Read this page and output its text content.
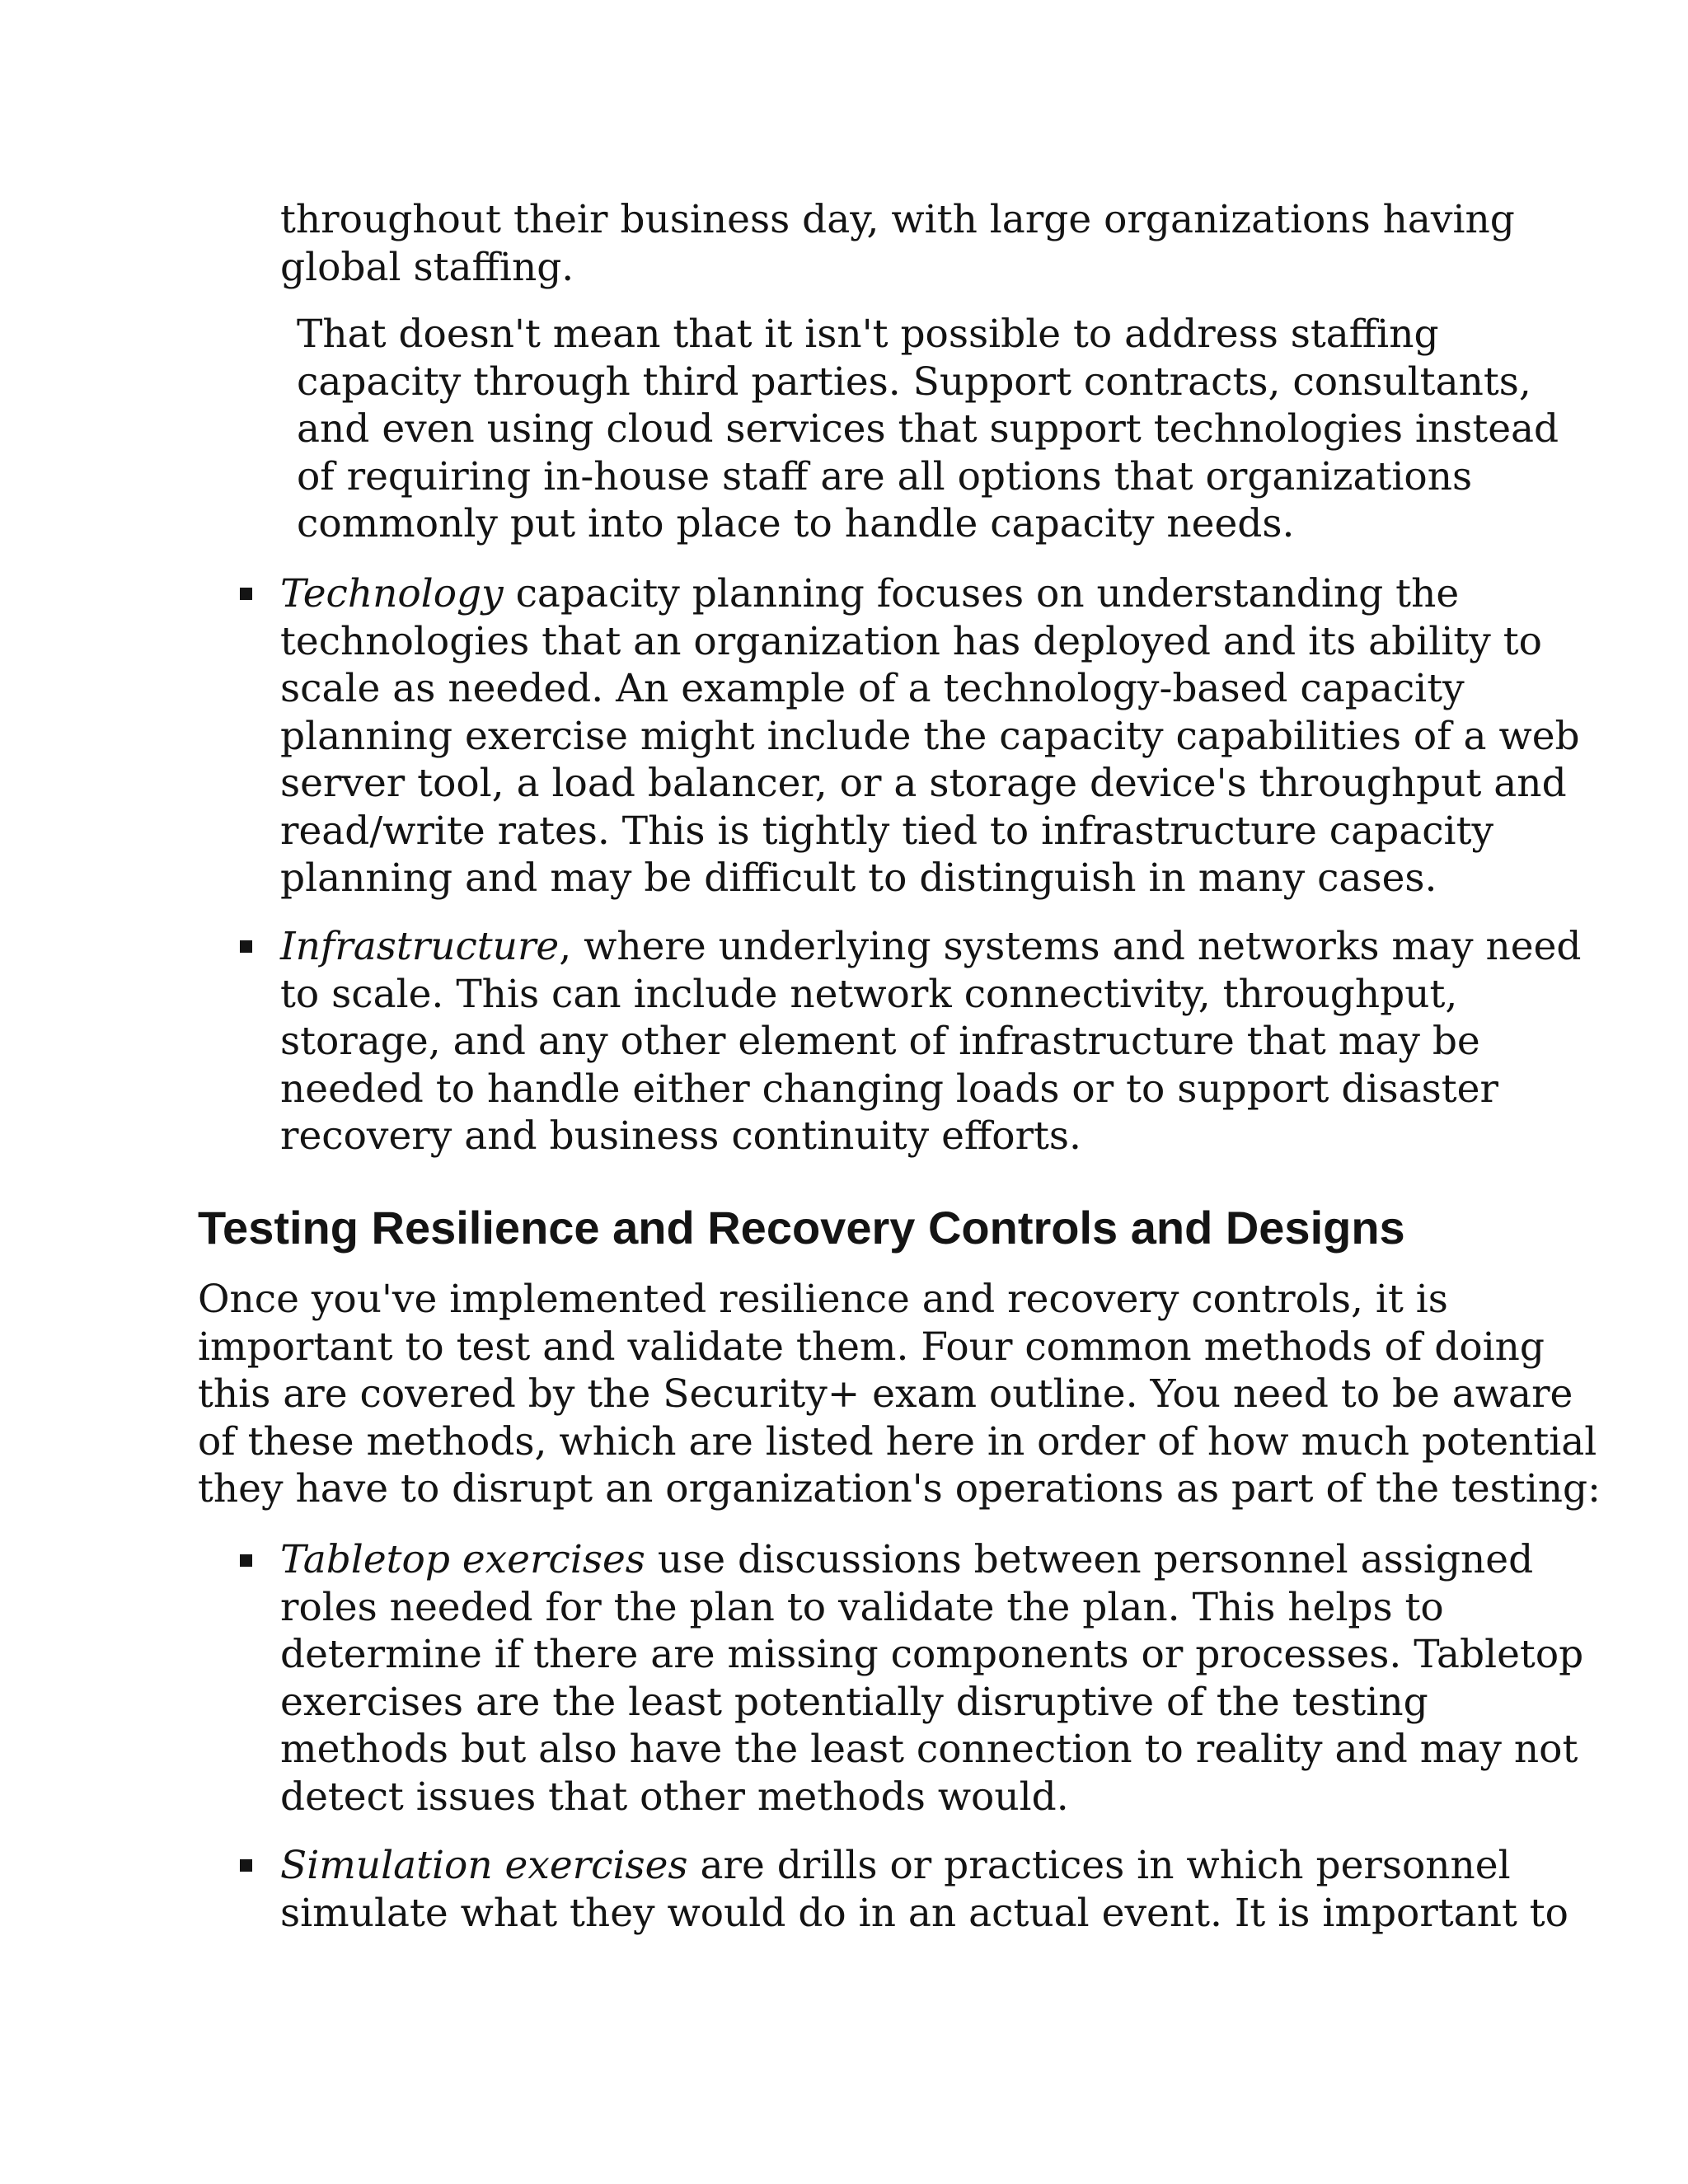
throughout their business day, with large organizations having
global staffing.

That doesn't mean that it isn't possible to address staffing
capacity through third parties. Support contracts, consultants,
and even using cloud services that support technologies instead
of requiring in-house staff are all options that organizations
commonly put into place to handle capacity needs.

Technology capacity planning focuses on understanding the
technologies that an organization has deployed and its ability to
scale as needed. An example of a technology-based capacity
planning exercise might include the capacity capabilities of a web
server tool, a load balancer, or a storage device's throughput and
read/write rates. This is tightly tied to infrastructure capacity
planning and may be difficult to distinguish in many cases.

Infrastructure, where underlying systems and networks may need
to scale. This can include network connectivity, throughput,
storage, and any other element of infrastructure that may be
needed to handle either changing loads or to support disaster
recovery and business continuity efforts.

Testing Resilience and Recovery Controls and Designs

Once you've implemented resilience and recovery controls, it is
important to test and validate them. Four common methods of doing
this are covered by the Security+ exam outline. You need to be aware
of these methods, which are listed here in order of how much potential
they have to disrupt an organization's operations as part of the testing:

Tabletop exercises use discussions between personnel assigned
roles needed for the plan to validate the plan. This helps to
determine if there are missing components or processes. Tabletop
exercises are the least potentially disruptive of the testing
methods but also have the least connection to reality and may not
detect issues that other methods would.

Simulation exercises are drills or practices in which personnel
simulate what they would do in an actual event. It is important to
